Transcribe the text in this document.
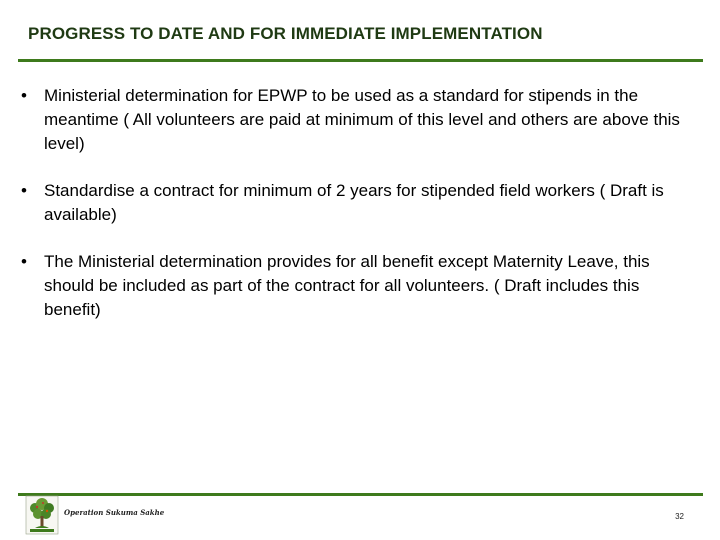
PROGRESS TO DATE AND FOR IMMEDIATE IMPLEMENTATION
• Ministerial determination for EPWP to be used as a standard for stipends in the meantime ( All volunteers are paid at minimum of this level and others are above this level)
• Standardise a contract for minimum of 2 years for stipended field workers ( Draft is available)
• The Ministerial determination provides for all benefit except Maternity Leave, this should be included as part of the contract for all volunteers. ( Draft includes this benefit)
Operation Sukuma Sakhe	32
